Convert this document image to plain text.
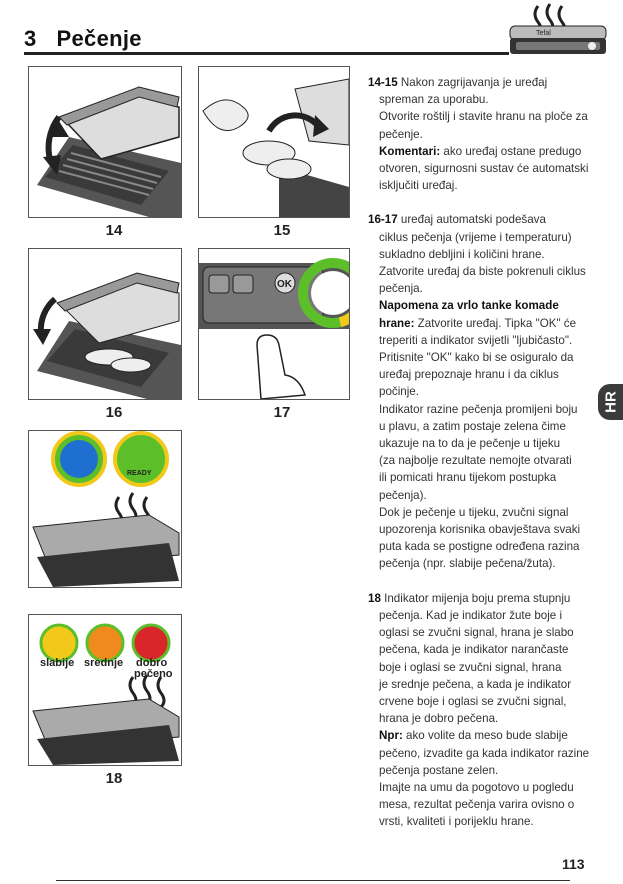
3 Pečenje	Tefal
14	15
OK
16	17
READY
slabije srednje dobro
pečeno
18
14-15 Nakon zagrijavanja je uređaj
spreman za uporabu.
Otvorite roštilj i stavite hranu na ploče za
pečenje.
Komentari: ako uređaj ostane predugo
otvoren, sigurnosni sustav će automatski
isključiti uređaj.
16-17 uređaj automatski podešava
ciklus pečenja (vrijeme i temperaturu)
sukladno debljini i količini hrane.
Zatvorite uređaj da biste pokrenuli ciklus
pečenja.
Napomena za vrlo tanke komade
hrane: Zatvorite uređaj. Tipka "OK" će
treperiti a indikator svijetli "ljubičasto".
Pritisnite "OK" kako bi se osiguralo da
uređaj prepoznaje hranu i da ciklus
počinje.
Indikator razine pečenja promijeni boju
u plavu, a zatim postaje zelena čime
ukazuje na to da je pečenje u tijeku
(za najbolje rezultate nemojte otvarati
ili pomicati hranu tijekom postupka
pečenja).
Dok je pečenje u tijeku, zvučni signal
upozorenja korisnika obavještava svaki
puta kada se postigne određena razina
pečenja (npr. slabije pečena/žuta).
18 Indikator mijenja boju prema stupnju
pečenja. Kad je indikator žute boje i
oglasi se zvučni signal, hrana je slabo
pečena, kada je indikator narančaste
boje i oglasi se zvučni signal, hrana
je srednje pečena, a kada je indikator
crvene boje i oglasi se zvučni signal,
hrana je dobro pečena.
Npr: ako volite da meso bude slabije
pečeno, izvadite ga kada indikator razine
pečenja postane zelen.
Imajte na umu da pogotovo u pogledu
mesa, rezultat pečenja varira ovisno o
vrsti, kvaliteti i porijeklu hrane.
HR
113
